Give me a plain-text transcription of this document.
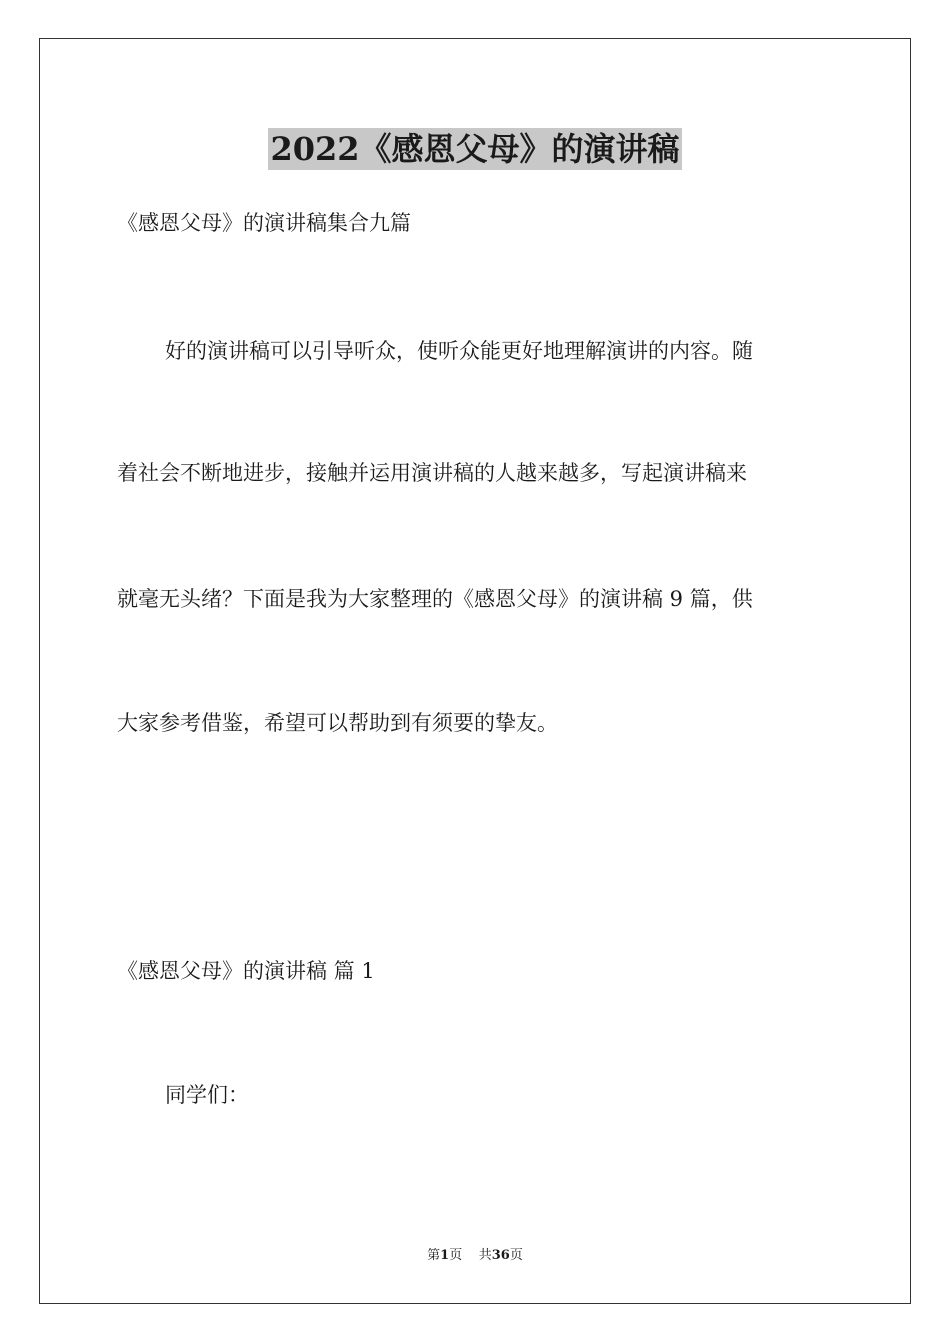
2022《感恩父母》的演讲稿
《感恩父母》的演讲稿集合九篇
好的演讲稿可以引导听众，使听众能更好地理解演讲的内容。随
着社会不断地进步，接触并运用演讲稿的人越来越多，写起演讲稿来
就毫无头绪？下面是我为大家整理的《感恩父母》的演讲稿 9 篇，供
大家参考借鉴，希望可以帮助到有须要的挚友。
《感恩父母》的演讲稿 篇 1
同学们：
第1页 共36页
